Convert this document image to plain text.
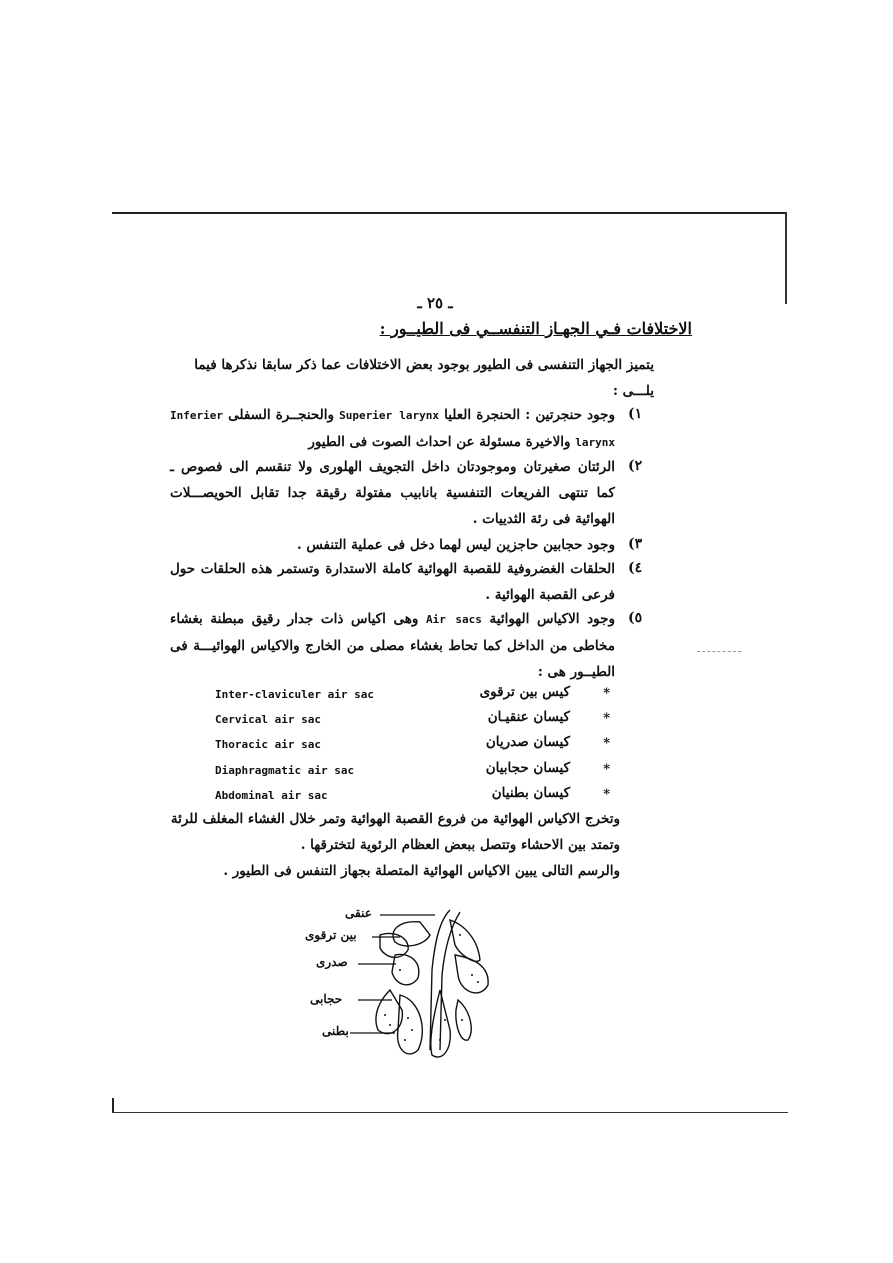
ـ ٢٥ ـ
الاختلافات فـي الجهـاز التنفســي فى الطيــور :
يتميز الجهاز التنفسى فى الطيور بوجود بعض الاختلافات عما ذكر سابقا نذكرها فيما يلـــى :
١)
وجود حنجرتين : الحنجرة العليا Superier larynx والحنجــرة السفلى Inferier larynx والاخيرة مسئولة عن احداث الصوت فى الطيور
٢)
الرئتان صغيرتان وموجودتان داخل التجويف الهلورى ولا تنقسم الى فصوص ـ كما تنتهى الفريعات التنفسية بانابيب مفتولة رقيقة جدا تقابل الحويصـــلات الهوائية فى رئة الثدييات .
٣)
وجود حجابين حاجزين ليس لهما دخل فى عملية التنفس .
٤)
الحلقات الغضروفية للقصبة الهوائية كاملة الاستدارة وتستمر هذه الحلقات حول فرعى القصبة الهوائية .
٥)
وجود الاكياس الهوائية Air sacs وهى اكياس ذات جدار رقيق مبطنة بغشاء مخاطى من الداخل كما تحاط بغشاء مصلى من الخارج والاكياس الهوائيـــة فى الطيــور هى :
Inter-claviculer air sac	كيس بين ترقوى	*
Cervical air sac	كيسان عنقيـان	*
Thoracic air sac	كيسان صدريان	*
Diaphragmatic air sac	كيسان حجابيان	*
Abdominal air sac	كيسان بطنيان	*
وتخرج الاكياس الهوائية من فروع القصبة الهوائية وتمر خلال الغشاء المغلف للرئة وتمتد بين الاحشاء وتتصل ببعض العظام الرئوية لتخترقها .
والرسم التالى يبين الاكياس الهوائية المتصلة بجهاز التنفس فى الطيور .
عنقى
بين ترقوى
صدرى
حجابى
بطنى
